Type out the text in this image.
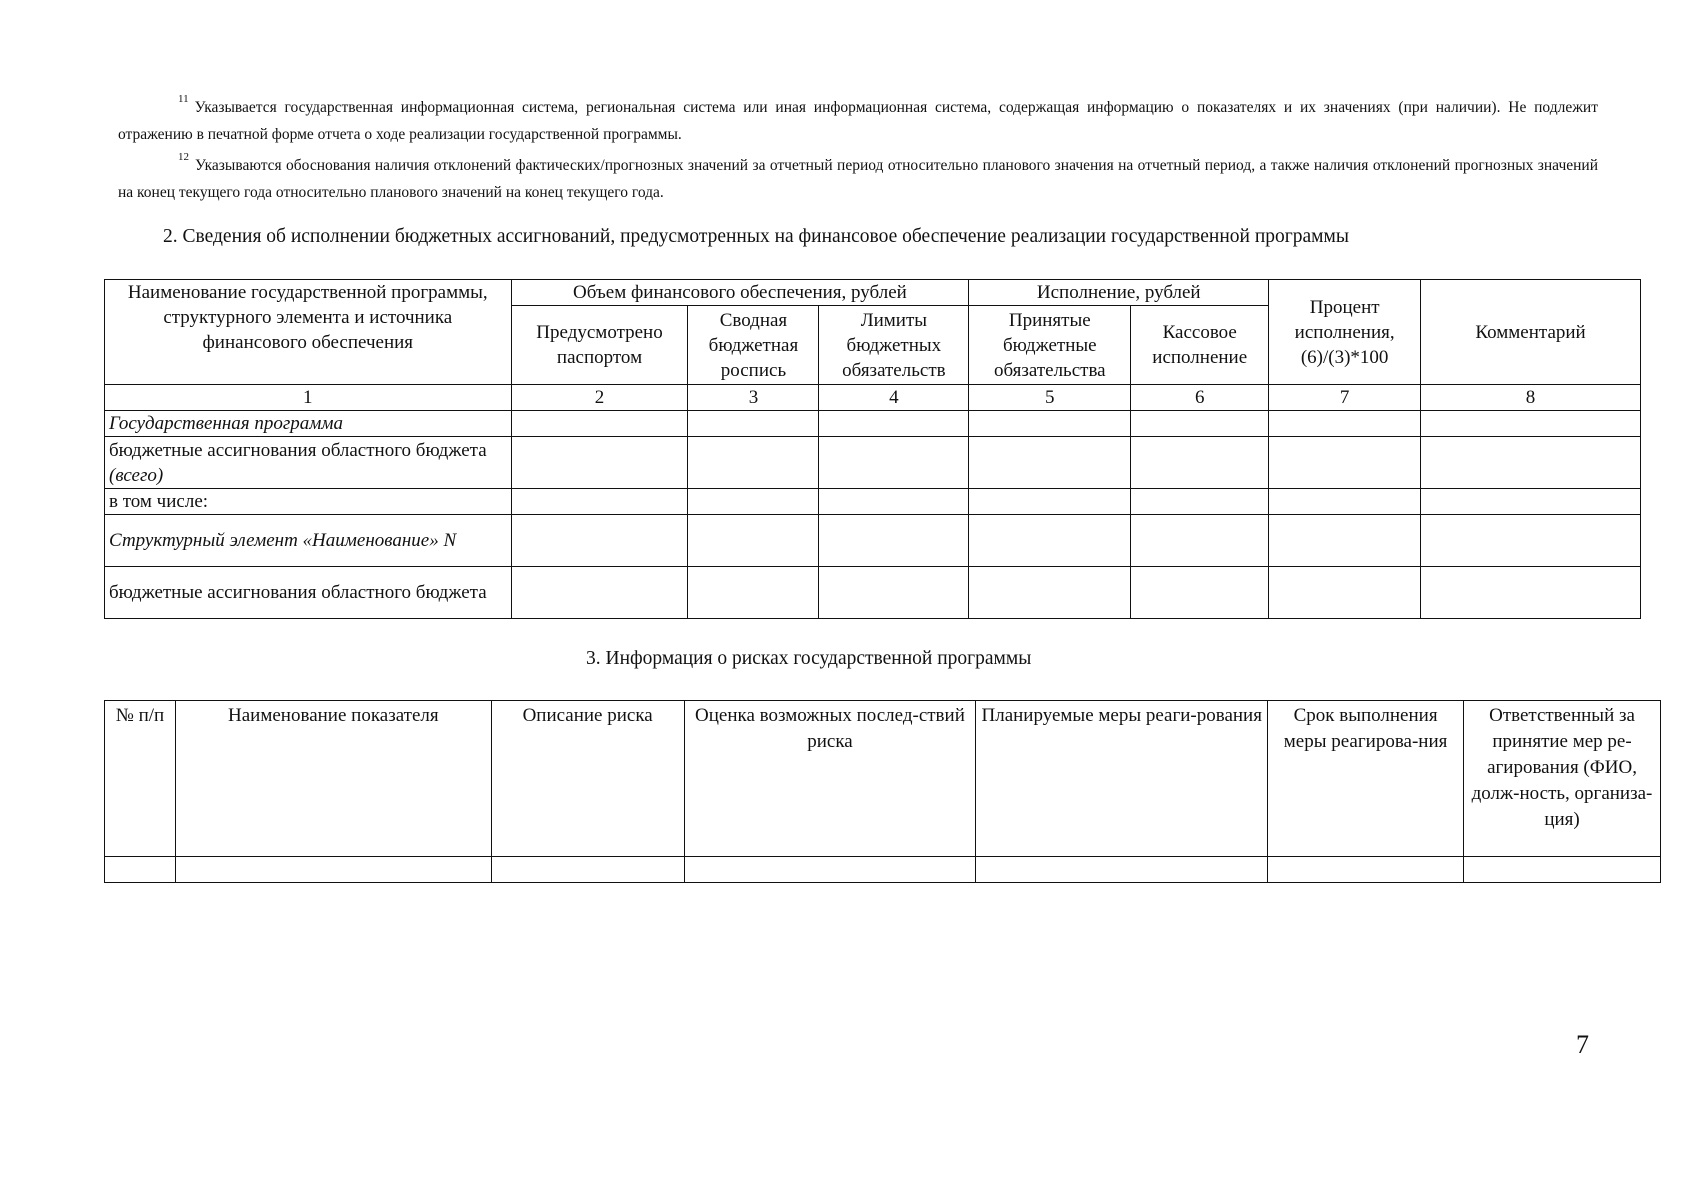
$^{11}$Указывается государственная информационная система, региональная система или иная информационная система, содержащая информацию о показателях и их значениях (при наличии). Не подлежит отражению в печатной форме отчета о ходе реализации государственной программы.
$^{12}$Указываются обоснования наличия отклонений фактических/прогнозных значений за отчетный период относительно планового значения на отчетный период, а также наличия отклонений прогнозных значений на конец текущего года относительно планового значений на конец текущего года.
2. Сведения об исполнении бюджетных ассигнований, предусмотренных на финансовое обеспечение реализации государственной программы
Наименование государственной программы, структурного элемента и источника финансового обеспечения	Объем финансового обеспечения, рублей			Исполнение, рублей		Процент исполнения, (6)/(3)*100	Комментарий
	Предусмотрено паспортом	Сводная бюджетная роспись	Лимиты бюджетных обязательств	Принятые бюджетные обязательства	Кассовое исполнение		
1	2	3	4	5	6	7	8
Государственная программа							
бюджетные ассигнования областного бюджета (всего)							
в том числе:							
Структурный элемент «Наименование» N							
бюджетные ассигнования областного бюджета							
3. Информация о рисках государственной программы
№ п/п	Наименование показателя	Описание риска	Оценка возможных послед-ствий риска	Планируемые меры реаги-рования	Срок выполнения меры реагирова-ния	Ответственный за принятие мер ре-агирования (ФИО, долж-ность, организа-ция)

7
